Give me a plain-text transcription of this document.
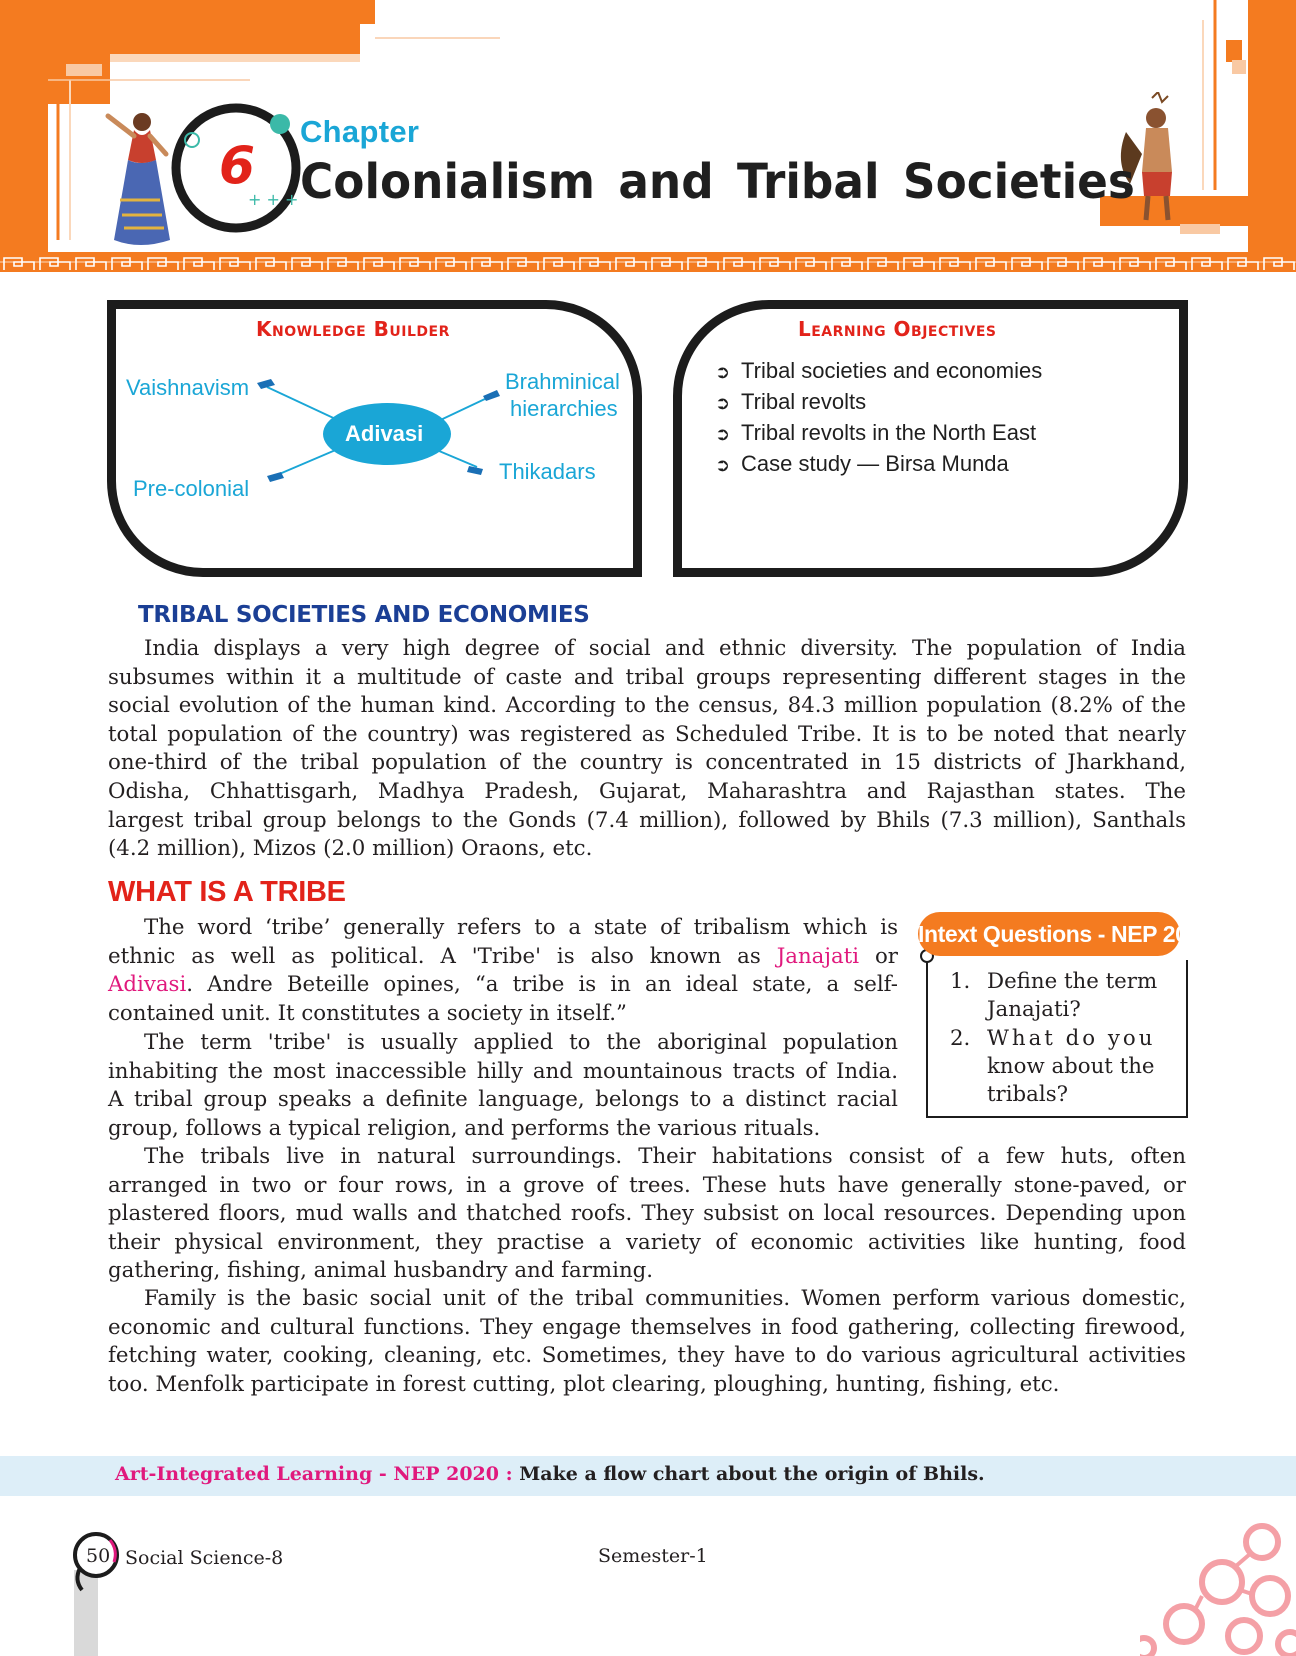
+ + +
6
Chapter
Colonialism and Tribal Societies
Knowledge Builder
Vaishnavism	Brahminical
hierarchies
Adivasi
Pre-colonial
Thikadars
Learning Objectives
➲ Tribal societies and economies
➲ Tribal revolts
➲ Tribal revolts in the North East
➲ Case study — Birsa Munda
TRIBAL SOCIETIES AND ECONOMIES
India displays a very high degree of social and ethnic diversity. The population of India
subsumes within it a multitude of caste and tribal groups representing different stages in the
social evolution of the human kind. According to the census, 84.3 million population (8.2% of the
total population of the country) was registered as Scheduled Tribe. It is to be noted that nearly
one-third of the tribal population of the country is concentrated in 15 districts of Jharkhand,
Odisha, Chhattisgarh, Madhya Pradesh, Gujarat, Maharashtra and Rajasthan states. The
largest tribal group belongs to the Gonds (7.4 million), followed by Bhils (7.3 million), Santhals
(4.2 million), Mizos (2.0 million) Oraons, etc.
WHAT IS A TRIBE
The word ‘tribe’ generally refers to a state of tribalism which is
ethnic as well as political. A 'Tribe' is also known as Janajati or
Adivasi. Andre Beteille opines, “a tribe is in an ideal state, a self-
contained unit. It constitutes a society in itself.”
The term 'tribe' is usually applied to the aboriginal population
inhabiting the most inaccessible hilly and mountainous tracts of India.
A tribal group speaks a definite language, belongs to a distinct racial
group, follows a typical religion, and performs the various rituals.
The tribals live in natural surroundings. Their habitations consist of a few huts, often
arranged in two or four rows, in a grove of trees. These huts have generally stone-paved, or
plastered floors, mud walls and thatched roofs. They subsist on local resources. Depending upon
their physical environment, they practise a variety of economic activities like hunting, food
gathering, fishing, animal husbandry and farming.
Family is the basic social unit of the tribal communities. Women perform various domestic,
economic and cultural functions. They engage themselves in food gathering, collecting firewood,
fetching water, cooking, cleaning, etc. Sometimes, they have to do various agricultural activities
too. Menfolk participate in forest cutting, plot clearing, ploughing, hunting, fishing, etc.
Intext Questions - NEP 2020
1. Define the term
Janajati?
2. What do you
know about the
tribals?
Art-Integrated Learning - NEP 2020 : Make a flow chart about the origin of Bhils.
50 Social Science-8	Semester-1
